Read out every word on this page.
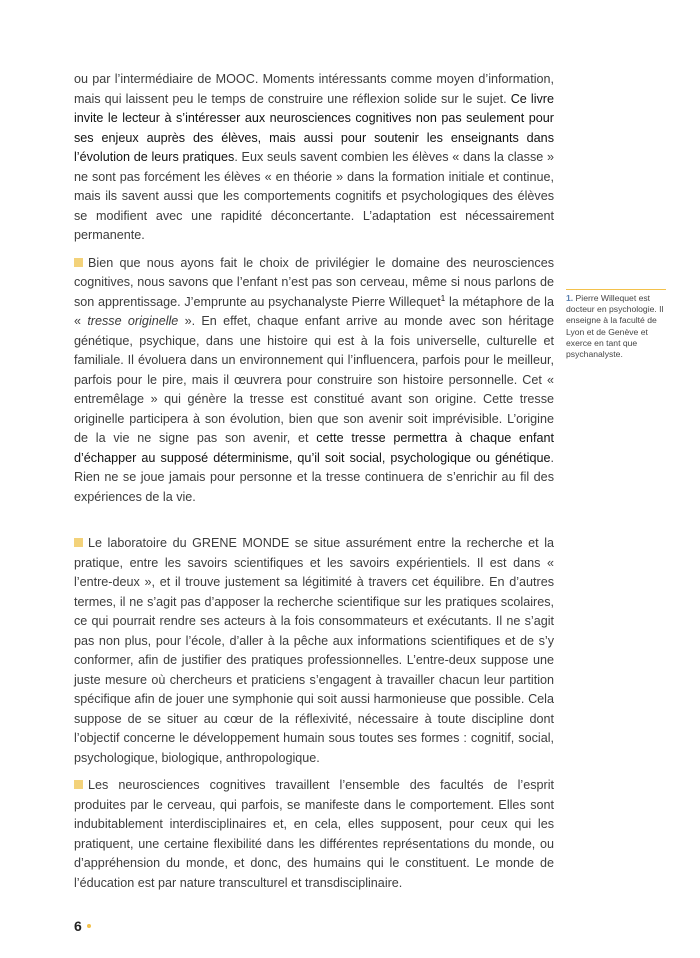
ou par l’intermédiaire de MOOC. Moments intéressants comme moyen d’information, mais qui laissent peu le temps de construire une réflexion solide sur le sujet. Ce livre invite le lecteur à s’intéresser aux neurosciences cognitives non pas seulement pour ses enjeux auprès des élèves, mais aussi pour soutenir les enseignants dans l’évolution de leurs pratiques. Eux seuls savent combien les élèves « dans la classe » ne sont pas forcément les élèves « en théorie » dans la formation initiale et continue, mais ils savent aussi que les comportements cognitifs et psychologiques des élèves se modifient avec une rapidité déconcertante. L’adaptation est nécessairement permanente.

Bien que nous ayons fait le choix de privilégier le domaine des neurosciences cognitives, nous savons que l’enfant n’est pas son cerveau, même si nous parlons de son apprentissage. J’emprunte au psychanalyste Pierre Willequet$^1$ la métaphore de la « tresse originelle ». En effet, chaque enfant arrive au monde avec son héritage génétique, psychique, dans une histoire qui est à la fois universelle, culturelle et familiale. Il évoluera dans un environnement qui l’influencera, parfois pour le meilleur, parfois pour le pire, mais il œuvrera pour construire son histoire personnelle. Cet « entremêlage » qui génère la tresse est constitué avant son origine. Cette tresse originelle participera à son évolution, bien que son avenir soit imprévisible. L’origine de la vie ne signe pas son avenir, et cette tresse permettra à chaque enfant d’échapper au supposé déterminisme, qu’il soit social, psychologique ou génétique. Rien ne se joue jamais pour personne et la tresse continuera de s’enrichir au fil des expériences de la vie.

Le laboratoire du GRENE MONDE se situe assurément entre la recherche et la pratique, entre les savoirs scientifiques et les savoirs expérientiels. Il est dans « l’entre-deux », et il trouve justement sa légitimité à travers cet équilibre. En d’autres termes, il ne s’agit pas d’apposer la recherche scientifique sur les pratiques scolaires, ce qui pourrait rendre ses acteurs à la fois consommateurs et exécutants. Il ne s’agit pas non plus, pour l’école, d’aller à la pêche aux informations scientifiques et de s’y conformer, afin de justifier des pratiques professionnelles. L’entre-deux suppose une juste mesure où chercheurs et praticiens s’engagent à travailler chacun leur partition spécifique afin de jouer une symphonie qui soit aussi harmonieuse que possible. Cela suppose de se situer au cœur de la réflexivité, nécessaire à toute discipline dont l’objectif concerne le développement humain sous toutes ses formes : cognitif, social, psychologique, biologique, anthropologique.

Les neurosciences cognitives travaillent l’ensemble des facultés de l’esprit produites par le cerveau, qui parfois, se manifeste dans le comportement. Elles sont indubitablement interdisciplinaires et, en cela, elles supposent, pour ceux qui les pratiquent, une certaine flexibilité dans les différentes représentations du monde, ou d’appréhension du monde, et donc, des humains qui le constituent. Le monde de l’éducation est par nature transculturel et transdisciplinaire.

1. Pierre Willequet est docteur en psychologie. Il enseigne à la faculté de Lyon et de Genève et exerce en tant que psychanalyste.
6
